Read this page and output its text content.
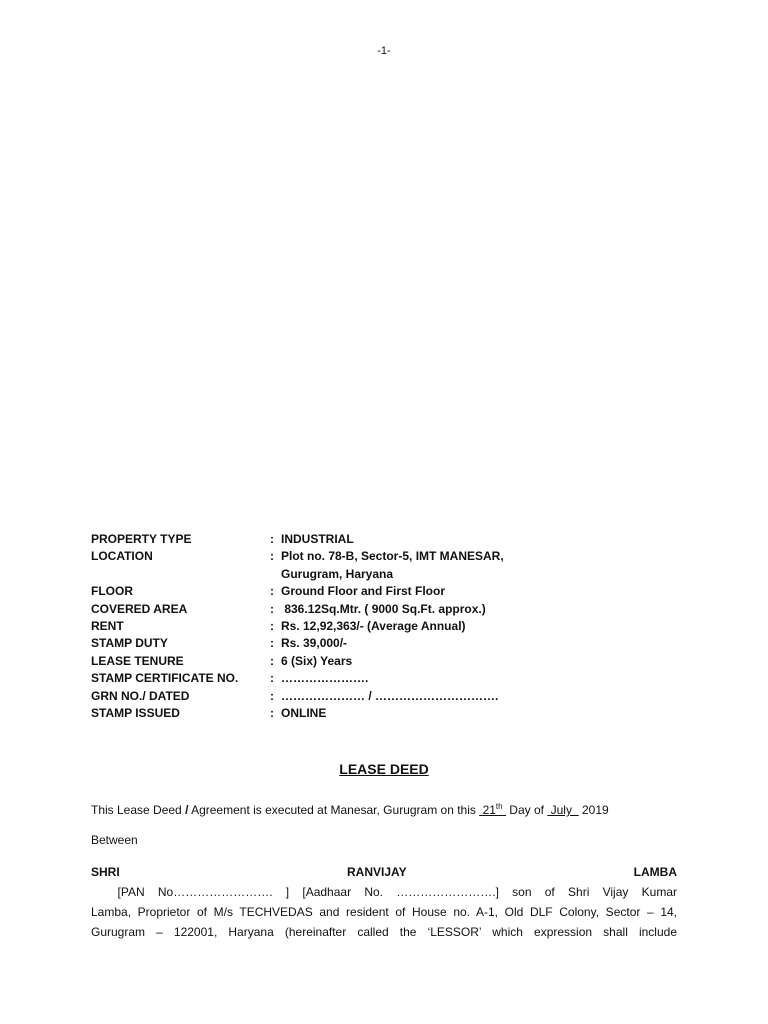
-1-
PROPERTY TYPE	: INDUSTRIAL
LOCATION	: Plot no. 78-B, Sector-5, IMT MANESAR,
Gurugram, Haryana
FLOOR	: Ground Floor and First Floor
COVERED AREA	: 836.12Sq.Mtr. ( 9000 Sq.Ft. approx.)
RENT	: Rs. 12,92,363/- (Average Annual)
STAMP DUTY	: Rs. 39,000/-
LEASE TENURE	: 6 (Six) Years
STAMP CERTIFICATE NO.	: ………………….
GRN NO./ DATED	: ………………… / ………………………….
STAMP ISSUED	: ONLINE
LEASE DEED
This Lease Deed / Agreement is executed at Manesar, Gurugram on this  21th  Day of  July   2019
Between
SHRI RANVIJAY LAMBA  [PAN No……………………. ] [Aadhaar No. …………………….] son of Shri Vijay Kumar
Lamba, Proprietor of M/s TECHVEDAS and resident of House no. A-1, Old DLF Colony, Sector – 14,
Gurugram – 122001, Haryana (hereinafter called the ‘LESSOR’ which expression shall include
